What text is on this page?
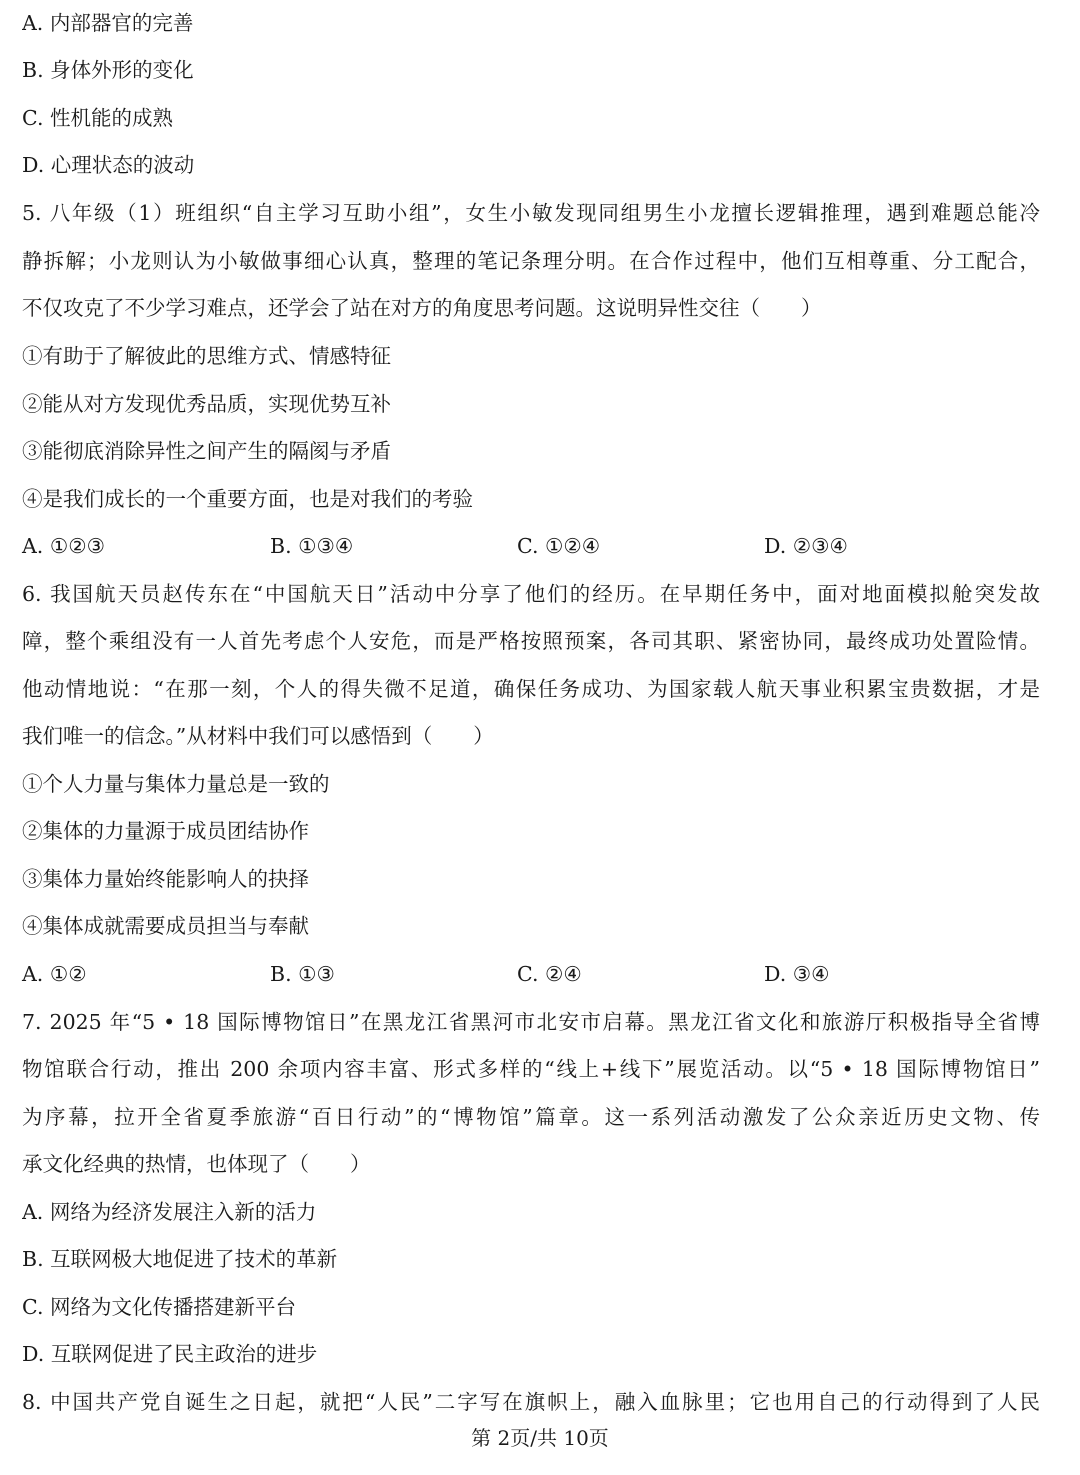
A. 内部器官的完善
B. 身体外形的变化
C. 性机能的成熟
D. 心理状态的波动
5. 八年级（1）班组织“自主学习互助小组”，女生小敏发现同组男生小龙擅长逻辑推理，遇到难题总能冷
静拆解；小龙则认为小敏做事细心认真，整理的笔记条理分明。在合作过程中，他们互相尊重、分工配合，
不仅攻克了不少学习难点，还学会了站在对方的角度思考问题。这说明异性交往（　　）
①有助于了解彼此的思维方式、情感特征
②能从对方发现优秀品质，实现优势互补
③能彻底消除异性之间产生的隔阂与矛盾
④是我们成长的一个重要方面，也是对我们的考验
A. ①②③	B. ①③④	C. ①②④	D. ②③④
6. 我国航天员赵传东在“中国航天日”活动中分享了他们的经历。在早期任务中，面对地面模拟舱突发故
障，整个乘组没有一人首先考虑个人安危，而是严格按照预案，各司其职、紧密协同，最终成功处置险情。
他动情地说：“在那一刻，个人的得失微不足道，确保任务成功、为国家载人航天事业积累宝贵数据，才是
我们唯一的信念。”从材料中我们可以感悟到（　　）
①个人力量与集体力量总是一致的
②集体的力量源于成员团结协作
③集体力量始终能影响人的抉择
④集体成就需要成员担当与奉献
A. ①②	B. ①③	C. ②④	D. ③④
7. 2025 年“5 • 18 国际博物馆日”在黑龙江省黑河市北安市启幕。黑龙江省文化和旅游厅积极指导全省博
物馆联合行动，推出 200 余项内容丰富、形式多样的“线上+线下”展览活动。以“5 • 18 国际博物馆日”
为序幕，拉开全省夏季旅游“百日行动”的“博物馆”篇章。这一系列活动激发了公众亲近历史文物、传
承文化经典的热情，也体现了（　　）
A. 网络为经济发展注入新的活力
B. 互联网极大地促进了技术的革新
C. 网络为文化传播搭建新平台
D. 互联网促进了民主政治的进步
8. 中国共产党自诞生之日起，就把“人民”二字写在旗帜上，融入血脉里；它也用自己的行动得到了人民
第 2页/共 10页
